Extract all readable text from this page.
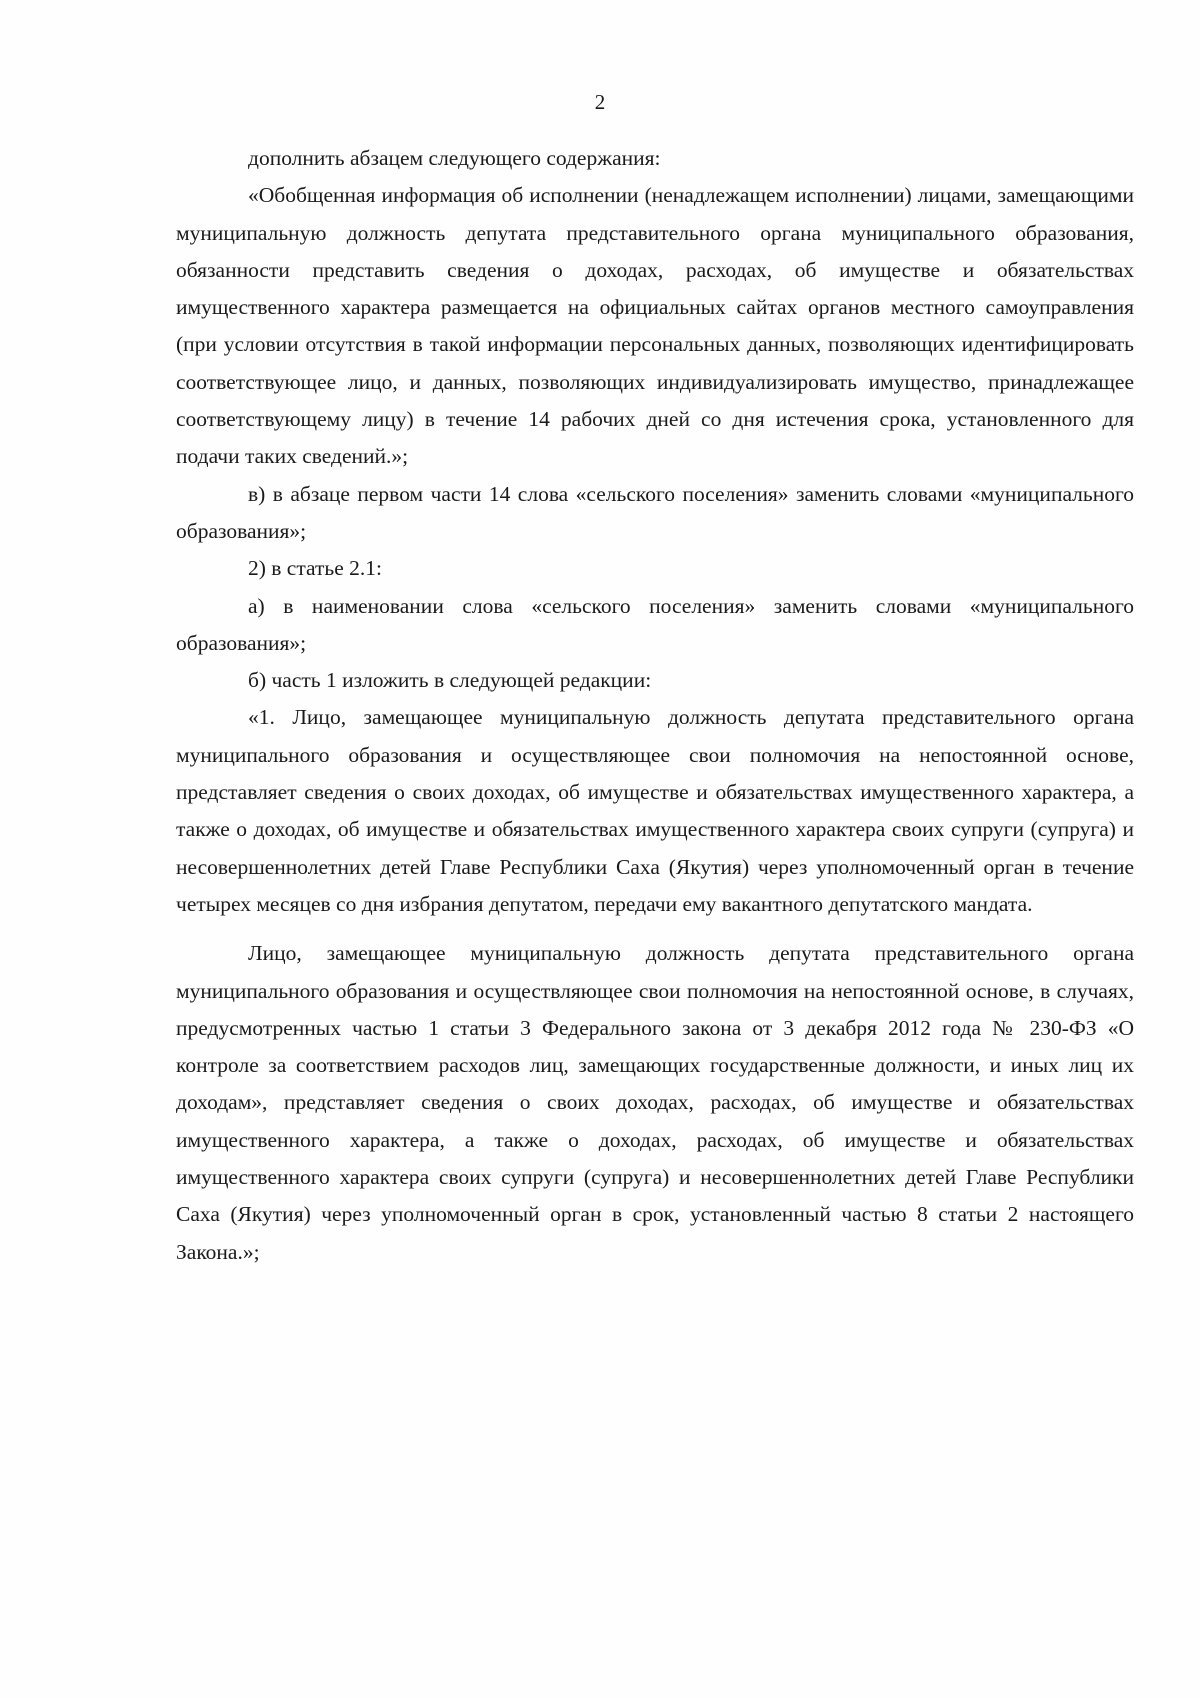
2

дополнить абзацем следующего содержания:

«Обобщенная информация об исполнении (ненадлежащем исполнении) лицами, замещающими муниципальную должность депутата представительного органа муниципального образования, обязанности представить сведения о доходах, расходах, об имуществе и обязательствах имущественного характера размещается на официальных сайтах органов местного самоуправления (при условии отсутствия в такой информации персональных данных, позволяющих идентифицировать соответствующее лицо, и данных, позволяющих индивидуализировать имущество, принадлежащее соответствующему лицу) в течение 14 рабочих дней со дня истечения срока, установленного для подачи таких сведений.»;

в) в абзаце первом части 14 слова «сельского поселения» заменить словами «муниципального образования»;

2) в статье 2.1:

а) в наименовании слова «сельского поселения» заменить словами «муниципального образования»;

б) часть 1 изложить в следующей редакции:

«1. Лицо, замещающее муниципальную должность депутата представительного органа муниципального образования и осуществляющее свои полномочия на непостоянной основе, представляет сведения о своих доходах, об имуществе и обязательствах имущественного характера, а также о доходах, об имуществе и обязательствах имущественного характера своих супруги (супруга) и несовершеннолетних детей Главе Республики Саха (Якутия) через уполномоченный орган в течение четырех месяцев со дня избрания депутатом, передачи ему вакантного депутатского мандата.

Лицо, замещающее муниципальную должность депутата представительного органа муниципального образования и осуществляющее свои полномочия на непостоянной основе, в случаях, предусмотренных частью 1 статьи 3 Федерального закона от 3 декабря 2012 года № 230-ФЗ «О контроле за соответствием расходов лиц, замещающих государственные должности, и иных лиц их доходам», представляет сведения о своих доходах, расходах, об имуществе и обязательствах имущественного характера, а также о доходах, расходах, об имуществе и обязательствах имущественного характера своих супруги (супруга) и несовершеннолетних детей Главе Республики Саха (Якутия) через уполномоченный орган в срок, установленный частью 8 статьи 2 настоящего Закона.»;
